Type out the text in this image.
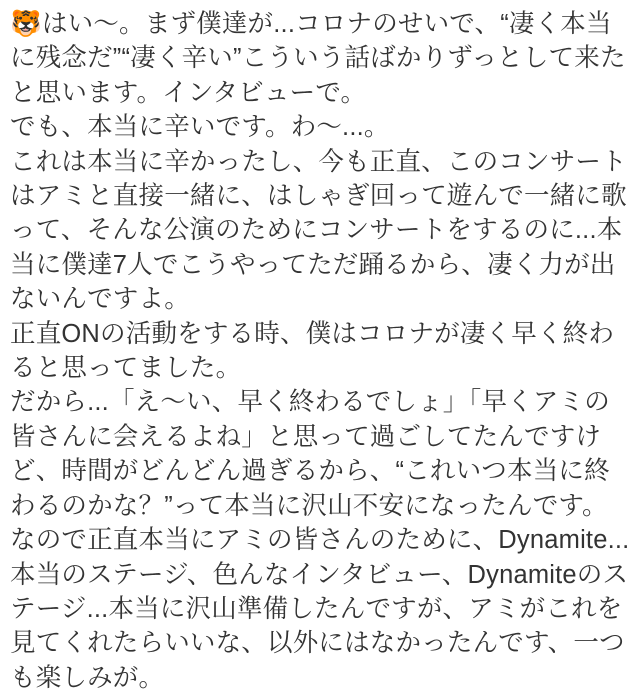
🐯はい〜。まず僕達が...コロナのせいで、“凄く本当に残念だ”“凄く辛い”こういう話ばかりずっとして来たと思います。インタビューで。

でも、本当に辛いです。わ〜...。

これは本当に辛かったし、今も正直、このコンサートはアミと直接一緒に、はしゃぎ回って遊んで一緒に歌って、そんな公演のためにコンサートをするのに...本当に僕達7人でこうやってただ踊るから、凄く力が出ないんですよ。

正直ONの活動をする時、僕はコロナが凄く早く終わると思ってました。

だから...「え〜い、早く終わるでしょ」「早くアミの皆さんに会えるよね」と思って過ごしてたんですけど、時間がどんどん過ぎるから、“これいつ本当に終わるのかな？”って本当に沢山不安になったんです。

なので正直本当にアミの皆さんのために、Dynamite...本当のステージ、色んなインタビュー、Dynamiteのステージ...本当に沢山準備したんですが、アミがこれを見てくれたらいいな、以外にはなかったんです、一つも楽しみが。
